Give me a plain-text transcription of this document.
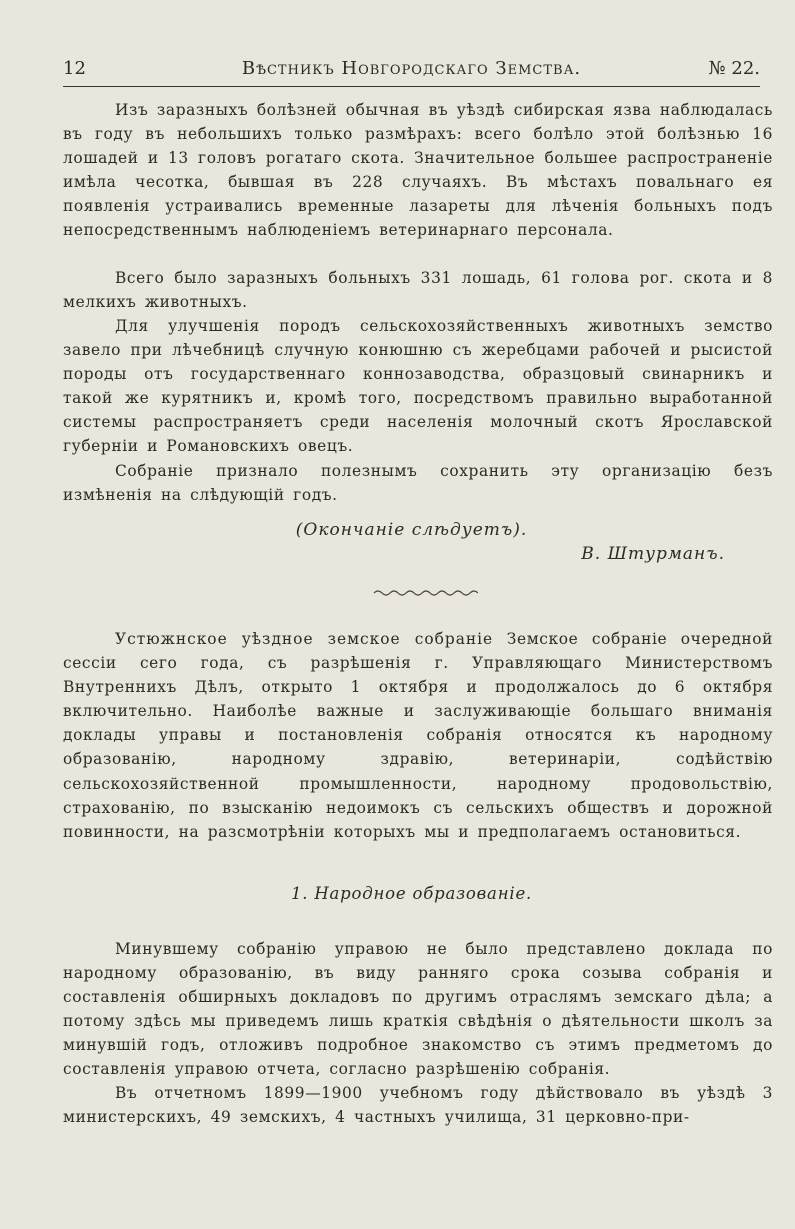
12	Вѣстникъ Новгородскаго Земства.	№ 22.

Изъ заразныхъ болѣзней обычная въ уѣздѣ сибирская язва наблюдалась въ году въ небольшихъ только размѣрахъ: всего болѣло этой болѣзнью 16 лошадей и 13 головъ рогатаго скота. Значительное большее распространеніе имѣла чесотка, бывшая въ 228 случаяхъ. Въ мѣстахъ повальнаго ея появленія устраивались временные лазареты для лѣченія больныхъ подъ непосредственнымъ наблюденіемъ ветеринарнаго персонала.

Всего было заразныхъ больныхъ 331 лошадь, 61 голова рог. скота и 8 мелкихъ животныхъ.

Для улучшенія породъ сельскохозяйственныхъ животныхъ земство завело при лѣчебницѣ случную конюшню съ жеребцами рабочей и рысистой породы отъ государственнаго коннозаводства, образцовый свинарникъ и такой же курятникъ и, кромѣ того, посредствомъ правильно выработанной системы распространяетъ среди населенія молочный скотъ Ярославской губерніи и Романовскихъ овецъ.

Собраніе признало полезнымъ сохранить эту организацію безъ измѣненія на слѣдующій годъ.

(Окончаніе слѣдуетъ).
В. Штурманъ.

Устюжнское уѣздное земское собраніе Земское собраніе очередной сессіи сего года, съ разрѣшенія г. Управляющаго Министерствомъ Внутреннихъ Дѣлъ, открыто 1 октября и продолжалось до 6 октября включительно. Наиболѣе важные и заслуживающіе большаго вниманія доклады управы и постановленія собранія относятся къ народному образованію, народному здравію, ветеринаріи, содѣйствію сельскохозяйственной промышленности, народному продовольствію, страхованію, по взысканію недоимокъ съ сельскихъ обществъ и дорожной повинности, на разсмотрѣніи которыхъ мы и предполагаемъ остановиться.

1. Народное образованіе.

Минувшему собранію управою не было представлено доклада по народному образованію, въ виду ранняго срока созыва собранія и составленія обширныхъ докладовъ по другимъ отраслямъ земскаго дѣла; а потому здѣсь мы приведемъ лишь краткія свѣдѣнія о дѣятельности школъ за минувшій годъ, отложивъ подробное знакомство съ этимъ предметомъ до составленія управою отчета, согласно разрѣшенію собранія.

Въ отчетномъ 1899—1900 учебномъ году дѣйствовало въ уѣздѣ 3 министерскихъ, 49 земскихъ, 4 частныхъ училища, 31 церковно-при-
